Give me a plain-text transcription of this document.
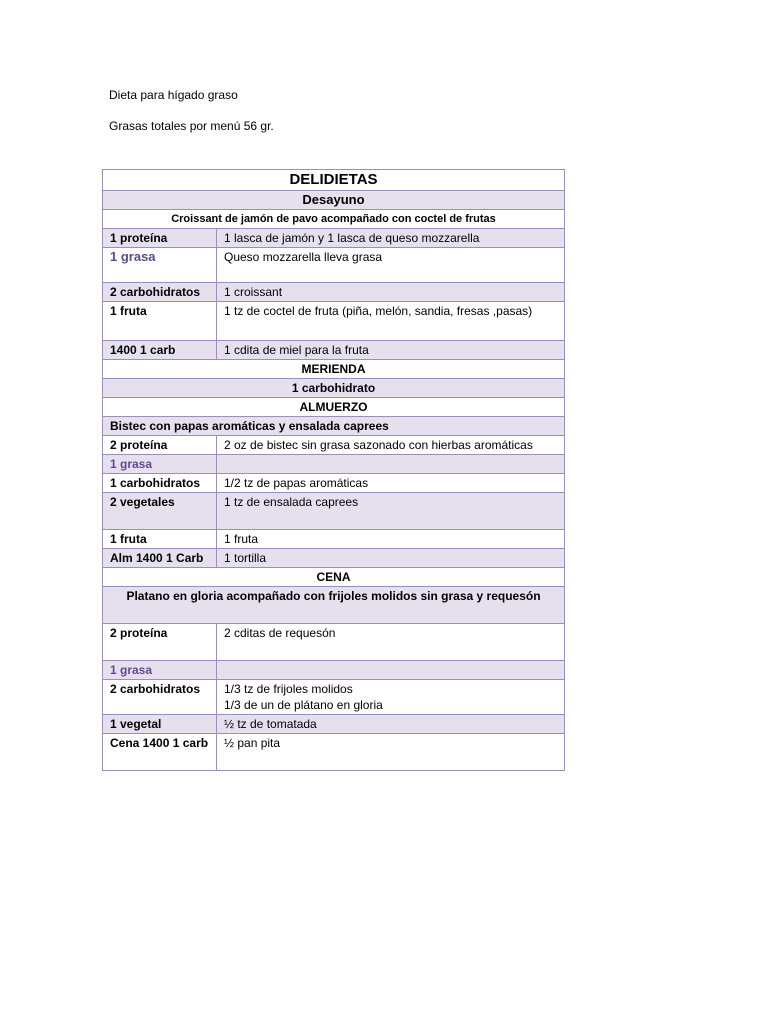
Dieta para hígado graso
Grasas totales por menú 56 gr.
DELIDIETAS	
Desayuno	
Croissant de jamón de pavo acompañado con coctel de frutas	
1 proteína	1 lasca de jamón y 1 lasca de queso mozzarella
1 grasa	Queso mozzarella lleva grasa
2 carbohidratos	1 croissant
1 fruta	1 tz de coctel de fruta (piña, melón, sandia, fresas ,pasas)
1400 1 carb	1 cdita de miel para la fruta
MERIENDA	
1 carbohidrato	
ALMUERZO	
Bistec con papas aromáticas y ensalada caprees	
2 proteína	2 oz de bistec sin grasa sazonado con hierbas aromáticas
1 grasa	
1 carbohidratos	1/2 tz de papas aromáticas
2 vegetales	1 tz de ensalada caprees
1 fruta	1 fruta
Alm 1400 1 Carb	1 tortilla
CENA	
Platano en gloria acompañado con frijoles molidos sin grasa y requesón	
2 proteína	2 cditas de requesón
1 grasa	
2 carbohidratos	1/3 tz de frijoles molidos
1/3 de un de plátano en gloria

1 vegetal	½ tz de tomatada
Cena 1400 1 carb	½ pan pita
